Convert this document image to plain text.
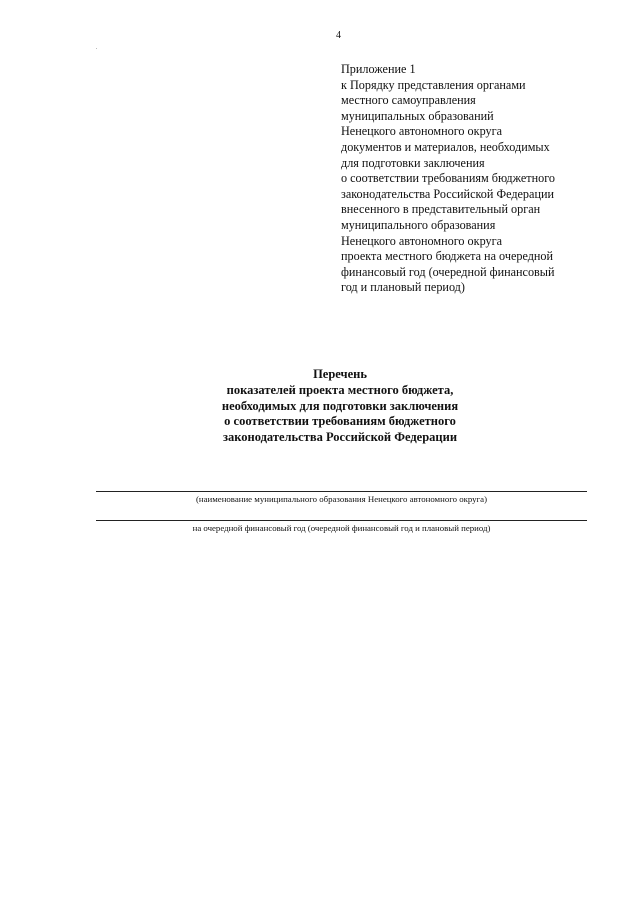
4
Приложение 1
к Порядку представления органами
местного самоуправления
муниципальных образований
Ненецкого автономного округа
документов и материалов, необходимых
для подготовки заключения
о соответствии требованиям бюджетного
законодательства Российской Федерации
внесенного в представительный орган
муниципального образования
Ненецкого автономного округа
проекта местного бюджета на очередной
финансовый год (очередной финансовый
год и плановый период)
Перечень
показателей проекта местного бюджета,
необходимых для подготовки заключения
о соответствии требованиям бюджетного
законодательства Российской Федерации
(наименование муниципального образования Ненецкого автономного округа)
на очередной финансовый год (очередной финансовый год и плановый период)
